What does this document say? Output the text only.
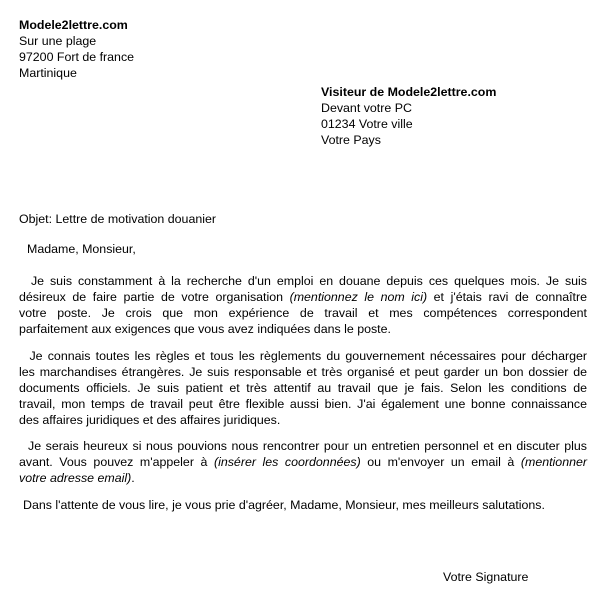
Modele2lettre.com
Sur une plage
97200 Fort de france
Martinique
Visiteur de Modele2lettre.com
Devant votre PC
01234 Votre ville
Votre Pays
Objet: Lettre de motivation douanier
Madame, Monsieur,
Je suis constamment à la recherche d'un emploi en douane depuis ces quelques mois. Je suis
désireux de faire partie de votre organisation (mentionnez le nom ici) et j'étais ravi de connaître
votre poste. Je crois que mon expérience de travail et mes compétences correspondent
parfaitement aux exigences que vous avez indiquées dans le poste.
Je connais toutes les règles et tous les règlements du gouvernement nécessaires pour décharger
les marchandises étrangères. Je suis responsable et très organisé et peut garder un bon dossier de
documents officiels. Je suis patient et très attentif au travail que je fais. Selon les conditions de
travail, mon temps de travail peut être flexible aussi bien. J'ai également une bonne connaissance
des affaires juridiques et des affaires juridiques.
Je serais heureux si nous pouvions nous rencontrer pour un entretien personnel et en discuter plus
avant. Vous pouvez m'appeler à (insérer les coordonnées) ou m'envoyer un email à (mentionner
votre adresse email).
Dans l'attente de vous lire, je vous prie d'agréer, Madame, Monsieur, mes meilleurs salutations.
Votre Signature
